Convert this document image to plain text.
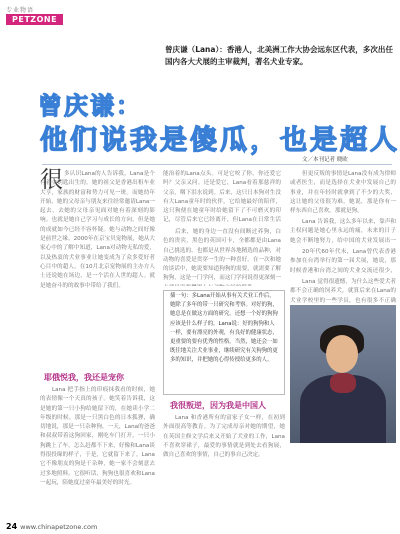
专业物语
PETZONE
曾庆谦（Lana）：香港人，北美洲工作大协会远东区代表，多次出任国内各大犬展的主审裁判，著名犬业专家。
曾庆谦：
他们说我是傻瓜，也是超人
文／本刊记者 晓欧
很 多认识Lana的人告诉我，Lana是个有着金钥匙出生的。她的祖父是香港出租车业大亨，家族的财富和势力可见一斑。而她幼年开始，她的父母亲与朋友来往经常邀请Lana一起去，去她的父母亲见面对她有着深刻的影响。也就是她自己学习与成长的方向，但是她的成就如今已经不容怀疑。她与动物之间好像是前世之缘。2000年在京宝贝宠物展，她从大家心中的了解中知道，Lana对动物无私的爱，以及热衷的犬业事业让她变成为了众多爱好者心目中的超人。在10月北京宠物展的主办方人士还说她在场边，是一个活在人世的超人。就是她奋斗的的故事中带给了我们。
耶俄悦我，我还是宠你
Lana 把手指上的印痕抹我看的时候，她的表情像一个天真的孩子。她笑着告诉我，这是她的第一只小狗给她留下的，在她读小学二年级的时候。那是一只黑白色的日本狐狸，确切地说，那是一只杂种狗，一天，Lana的爸爸和叔叔带着这狗回家，刚吃车门打开，一只小狗跳上了车，怎么赶都不下来，好像和Lana谈得很投缘的样子，于是，它就留下来了。Lana 它不像朋友的狗是干杂种，她一家不会刻意去过多地照料。它很听话，狗狗也很喜欢和Lana 一起玩，陪她度过童年最美好的时光。
能治着的Lana点头。可是它咬了你，你还爱它吗？父亲又问。还是爱它，Lana看着那慈祥的父亲，咽下泪水说到。后来，这只日本狗对生没有大Lana童年时的伙伴，它给她最好的陪伴，这只狗便在她童年时给她留下了不可磨灭的印记，尽管后来它已经离开，但Lana在日常生活
后来，她的身边一直没有间断过养狗，白色的贵宾，黑色的英国可卡，全都都是由Lana自己挑选的，也都是从世界各地精选的品种，对动物的喜爱是贯穿一生的一种喜好。在一次和她的谈话中，她说要知道狗狗的需要，就需要了解狗狗，这是一门学问，而这门学问说得更深刻一
插一句：多Lana开始从事有关犬业工作后，她除了多年的带一只研究和考察。对好的狗，她总是在做这方面的研究。还想一个好的狗狗应该是什么样子的。Lana说：好的狗狗和人一样，要有漂亮的外观，有良好的健康状态，更重要的要有优秀的性格。当然，她还会一如既往地关注犬业事业，继续研究有关狗狗的更多的知识，并把她的心得传授给更多的人。
我很叛逆，因为我是中国人
Lana 和香港所有的富家子女一样，在初到外面很高等教育。为了完成母亲对她的期望，她在英国主修文学后来又开始了犬业的工作，Lana 不喜欢穿裙子，最爱的事情就是到处去看狗展，做自己喜欢的事情，自己的事自己决定。
但更反叛的事情是Lana没有成为律师或者医生，而是选择在犬业中发展自己的事业，并在年轻时就拿到了不少的大奖，这让她的父母很为难，她说，那是你有一样东西自己喜欢，那就是狗。
Lana 告诉我，这么多年以来，靠声和主权问题是她心里永远的痛，未来的日子她会不断地努力，给中国的犬业发展出一
20年代60年代末，Lana曾代表香港参加在台湾举行的第一届犬展，她说，那时候香港和台湾之间的犬业交流还很少，
Lana 觉得很遗憾，为什么这些爱犬者都不会正确的饲养犬，就算后来在Lana的犬业学校里的一些学员，也有很多不正确
24 www.chinapetzone.com
